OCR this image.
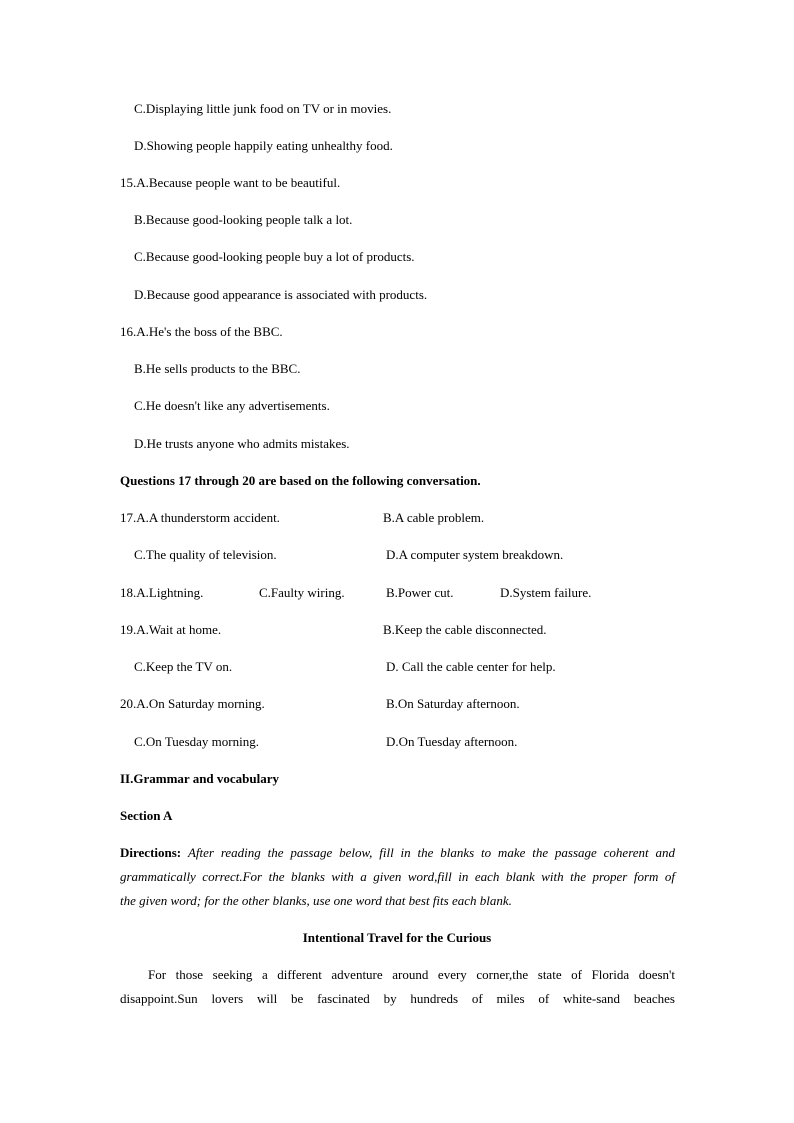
C.Displaying little junk food on TV or in movies.
D.Showing people happily eating unhealthy food.
15.A.Because people want to be beautiful.
B.Because good-looking people talk a lot.
C.Because good-looking people buy a lot of products.
D.Because good appearance is associated with products.
16.A.He's the boss of the BBC.
B.He sells products to the BBC.
C.He doesn't like any advertisements.
D.He trusts anyone who admits mistakes.
Questions 17 through 20 are based on the following conversation.
17.A.A thunderstorm accident.	B.A cable problem.
C.The quality of television.	D.A computer system breakdown.
18.A.Lightning.	C.Faulty wiring.	B.Power cut.	D.System failure.
19.A.Wait at home.	B.Keep the cable disconnected.
C.Keep the TV on.	D. Call the cable center for help.
20.A.On Saturday morning.	B.On Saturday afternoon.
C.On Tuesday morning.	D.On Tuesday afternoon.
II.Grammar and vocabulary
Section A
Directions: After reading the passage below, fill in the blanks to make the passage coherent and
grammatically correct.For the blanks with a given word,fill in each blank with the proper form of
the given word; for the other blanks, use one word that best fits each blank.
Intentional Travel for the Curious
For those seeking a different adventure around every corner,the state of Florida doesn't
disappoint.Sun lovers will be fascinated by hundreds of miles of white-sand beaches
